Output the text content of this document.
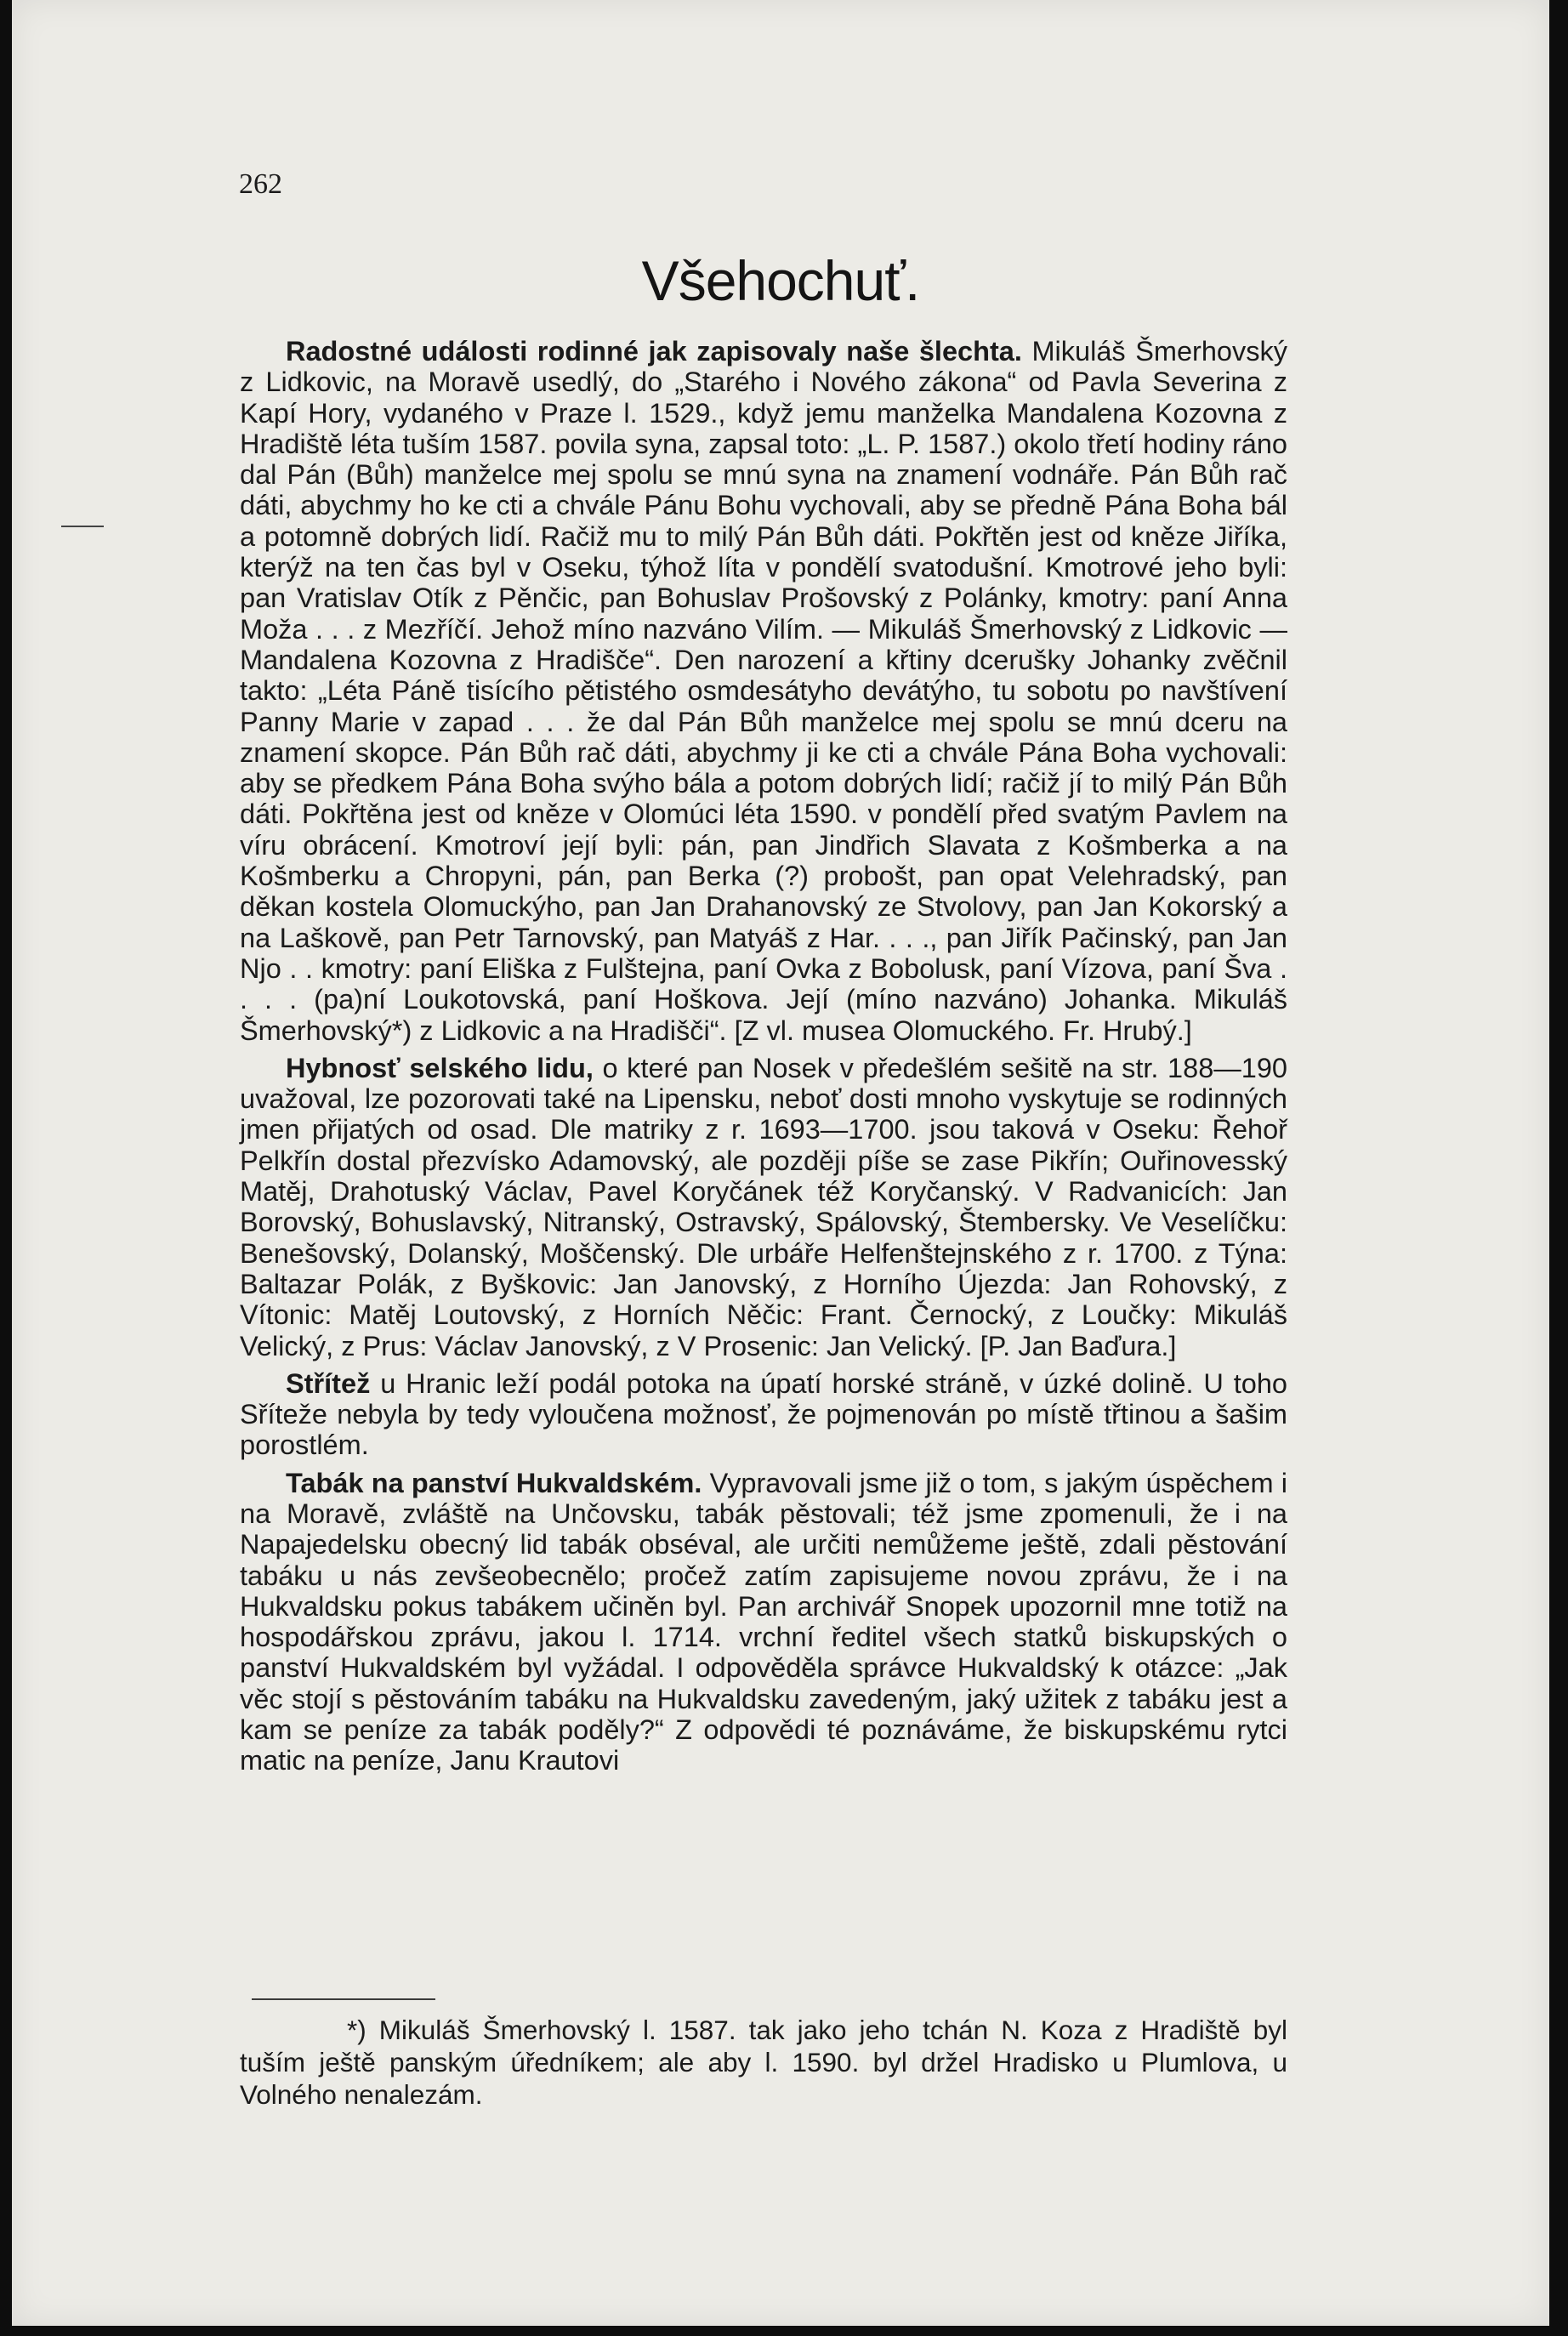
262
Všehochuť.

Radostné události rodinné jak zapisovaly naše šlechta. Mikuláš Šmerhovský z Lidkovic, na Moravě usedlý, do „Starého i Nového zákona“ od Pavla Severina z Kapí Hory, vydaného v Praze l. 1529., když jemu manželka Mandalena Kozovna z Hradiště léta tuším 1587. povila syna, zapsal toto: „L. P. 1587.) okolo třetí hodiny ráno dal Pán (Bůh) manželce mej spolu se mnú syna na znamení vodnáře. Pán Bůh rač dáti, abychmy ho ke cti a chvále Pánu Bohu vychovali, aby se předně Pána Boha bál a potomně dobrých lidí. Račiž mu to milý Pán Bůh dáti. Pokřtěn jest od kněze Jiříka, kterýž na ten čas byl v Oseku, týhož líta v pondělí svatodušní. Kmotrové jeho byli: pan Vratislav Otík z Pěnčic, pan Bohuslav Prošovský z Polánky, kmotry: paní Anna Moža . . . z Mezříčí. Jehož míno nazváno Vilím. — Mikuláš Šmerhovský z Lidkovic — Mandalena Kozovna z Hradišče“. Den narození a křtiny dcerušky Johanky zvěčnil takto: „Léta Páně tisícího pětistého osmdesátyho devátýho, tu sobotu po navštívení Panny Marie v zapad . . . že dal Pán Bůh manželce mej spolu se mnú dceru na znamení skopce. Pán Bůh rač dáti, abychmy ji ke cti a chvále Pána Boha vychovali: aby se předkem Pána Boha svýho bála a potom dobrých lidí; račiž jí to milý Pán Bůh dáti. Pokřtěna jest od kněze v Olomúci léta 1590. v pondělí před svatým Pavlem na víru obrácení. Kmotroví její byli: pán, pan Jindřich Slavata z Košmberka a na Košmberku a Chropyni, pán, pan Berka (?) probošt, pan opat Velehradský, pan děkan kostela Olomuckýho, pan Jan Drahanovský ze Stvolovy, pan Jan Kokorský a na Laškově, pan Petr Tarnovský, pan Matyáš z Har. . . ., pan Jiřík Pačinský, pan Jan Njo . . kmotry: paní Eliška z Fulštejna, paní Ovka z Bobolusk, paní Vízova, paní Šva . . . . (pa)ní Loukotovská, paní Hoškova. Její (míno nazváno) Johanka. Mikuláš Šmerhovský*) z Lidkovic a na Hradišči“. [Z vl. musea Olomuckého. Fr. Hrubý.]

Hybnosť selského lidu, o které pan Nosek v předešlém sešitě na str. 188—190 uvažoval, lze pozorovati také na Lipensku, neboť dosti mnoho vyskytuje se rodinných jmen přijatých od osad. Dle matriky z r. 1693—1700. jsou taková v Oseku: Řehoř Pelkřín dostal přezvísko Adamovský, ale později píše se zase Pikřín; Ouřinovesský Matěj, Drahotuský Václav, Pavel Koryčánek též Koryčanský. V Radvanicích: Jan Borovský, Bohuslavský, Nitranský, Ostravský, Spálovský, Štembersky. Ve Veselíčku: Benešovský, Dolanský, Moščenský. Dle urbáře Helfenštejnského z r. 1700. z Týna: Baltazar Polák, z Byškovic: Jan Janovský, z Horního Újezda: Jan Rohovský, z Vítonic: Matěj Loutovský, z Horních Něčic: Frant. Černocký, z Loučky: Mikuláš Velický, z Prus: Václav Janovský, z V Prosenic: Jan Velický. [P. Jan Baďura.]

Střítež u Hranic leží podál potoka na úpatí horské stráně, v úzké dolině. U toho Sříteže nebyla by tedy vyloučena možnosť, že pojmenován po místě třtinou a šašim porostlém.

Tabák na panství Hukvaldském. Vypravovali jsme již o tom, s jakým úspěchem i na Moravě, zvláště na Unčovsku, tabák pěstovali; též jsme zpomenuli, že i na Napajedelsku obecný lid tabák obséval, ale určiti nemůžeme ještě, zdali pěstování tabáku u nás zevšeobecnělo; pročež zatím zapisujeme novou zprávu, že i na Hukvaldsku pokus tabákem učiněn byl. Pan archivář Snopek upozornil mne totiž na hospodářskou zprávu, jakou l. 1714. vrchní ředitel všech statků biskupských o panství Hukvaldském byl vyžádal. I odpověděla správce Hukvaldský k otázce: „Jak věc stojí s pěstováním tabáku na Hukvaldsku zavedeným, jaký užitek z tabáku jest a kam se peníze za tabák poděly?“ Z odpovědi té poznáváme, že biskupskému rytci matic na peníze, Janu Krautovi

*) Mikuláš Šmerhovský l. 1587. tak jako jeho tchán N. Koza z Hradiště byl tuším ještě panským úředníkem; ale aby l. 1590. byl držel Hradisko u Plumlova, u Volného nenalezám.
